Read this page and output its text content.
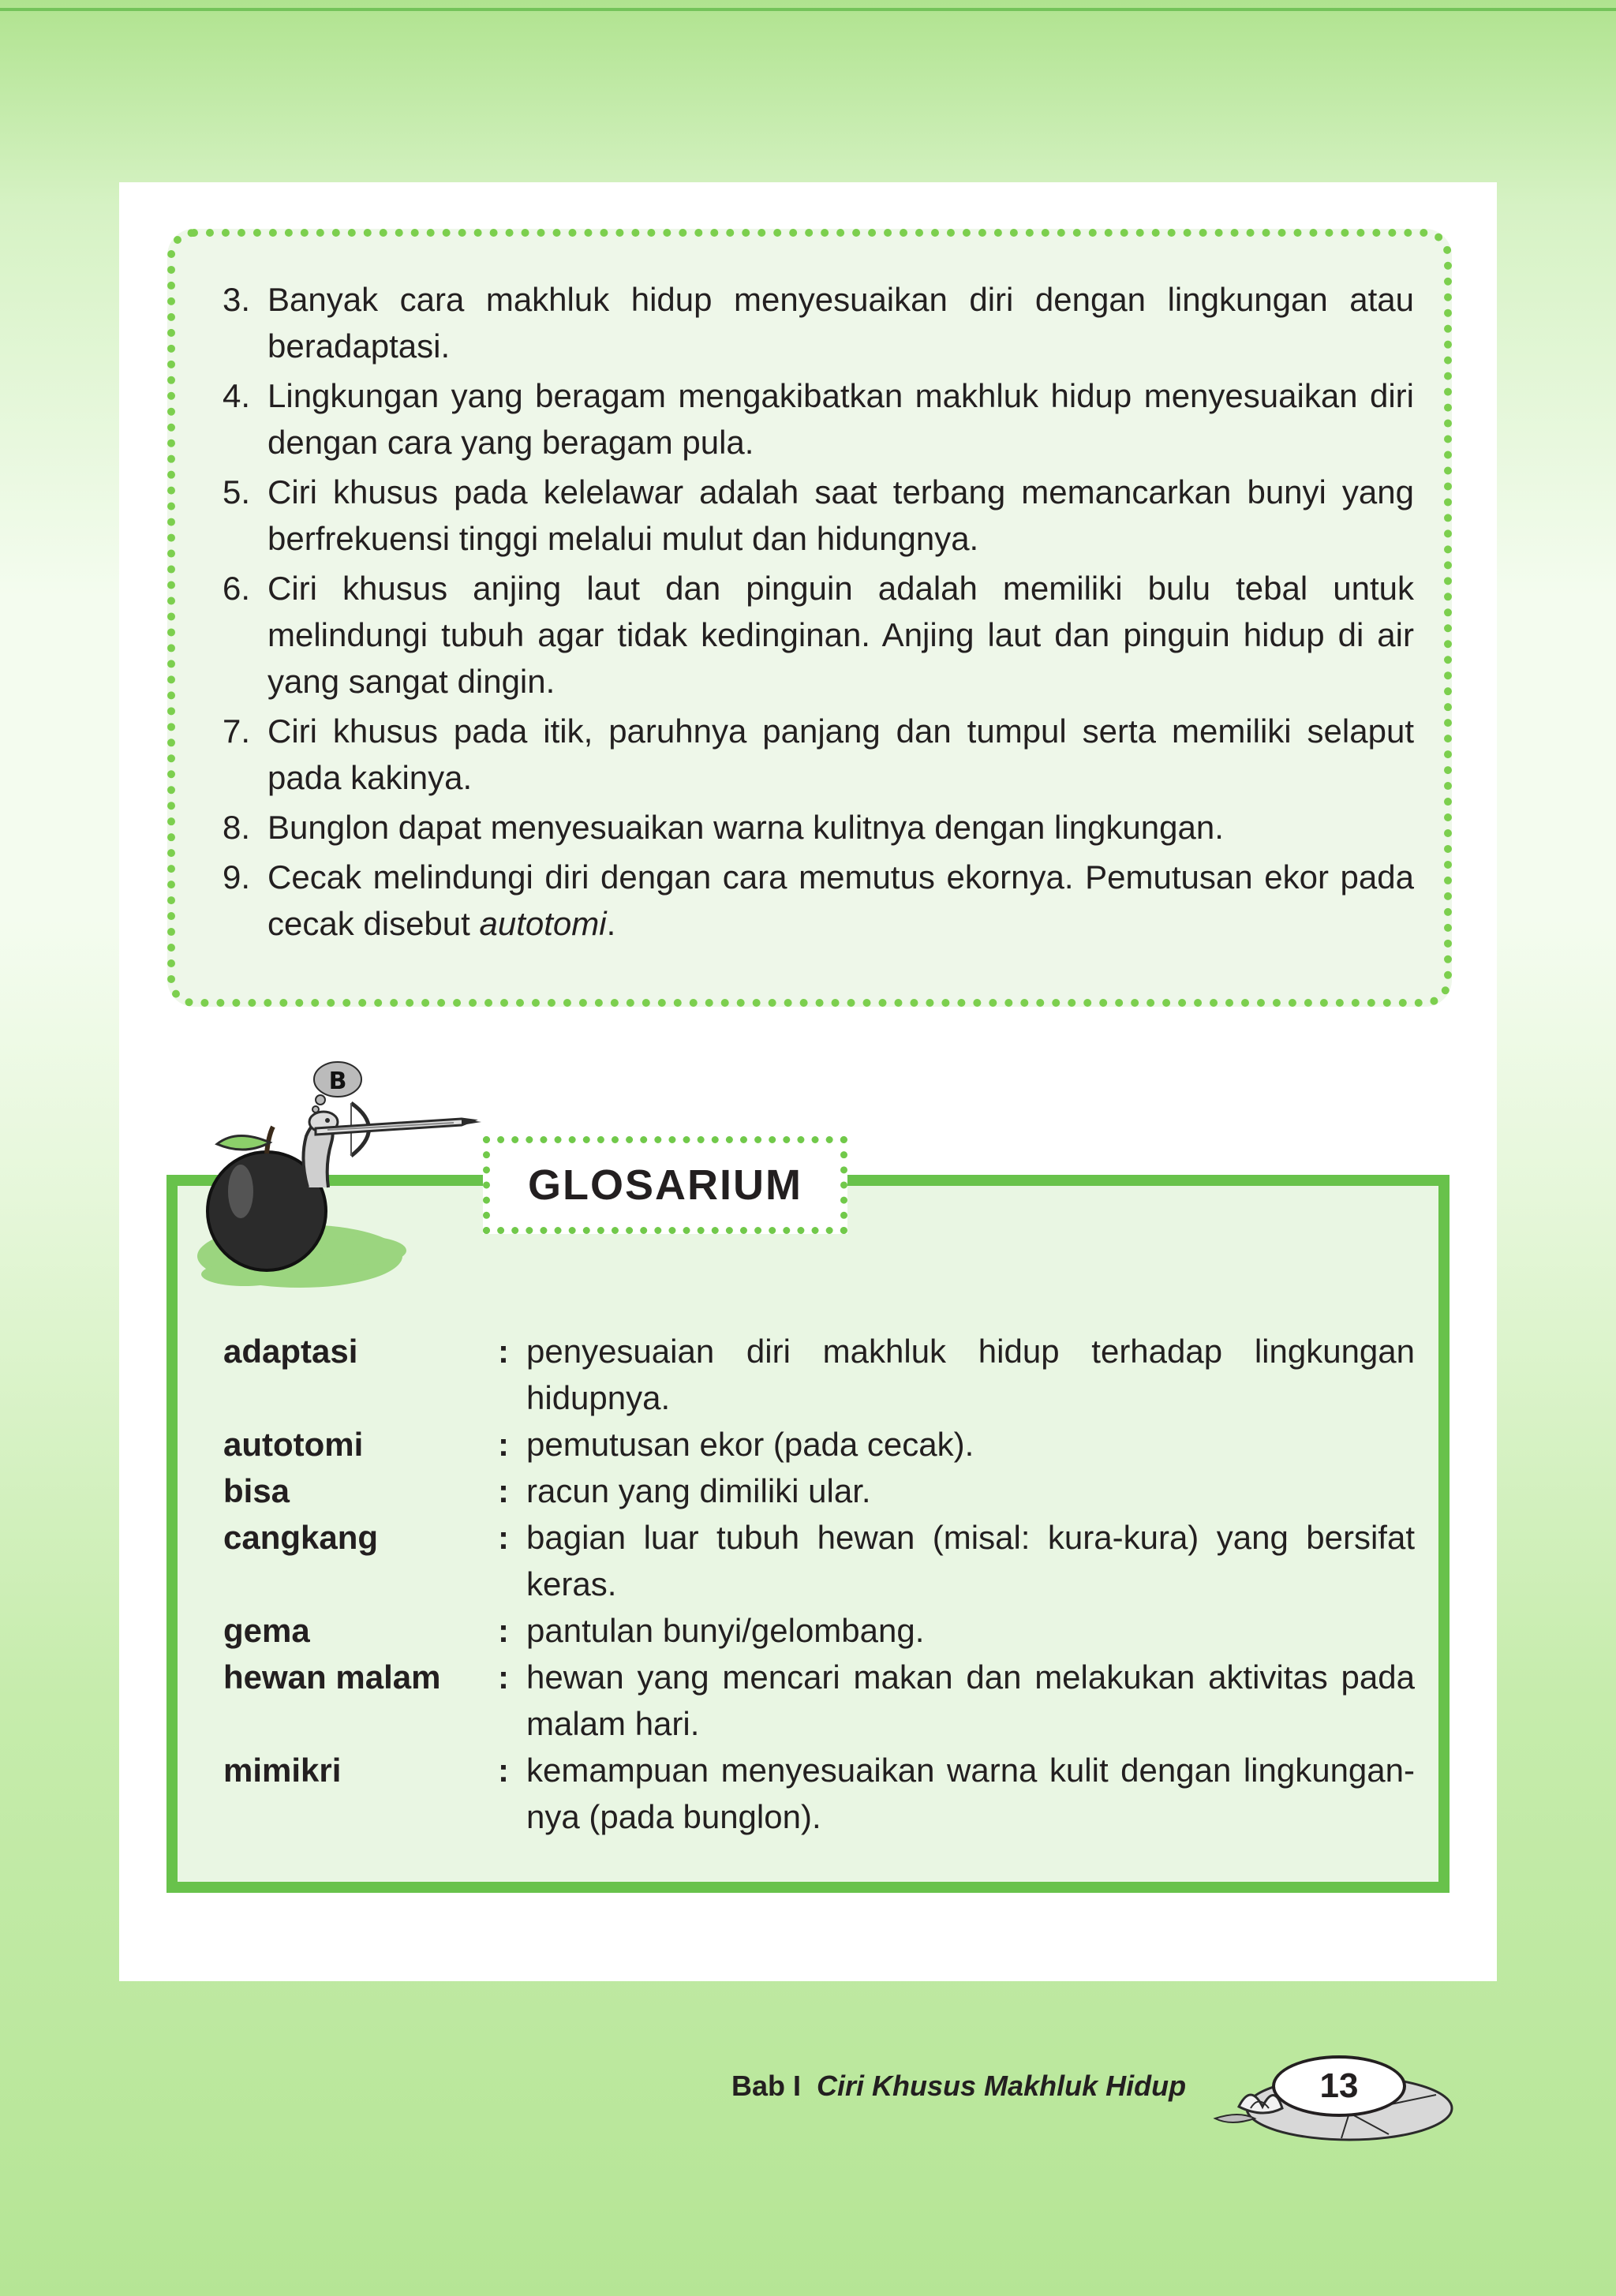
3. Banyak cara makhluk hidup menyesuaikan diri dengan lingkungan atau beradaptasi.
4. Lingkungan yang beragam mengakibatkan makhluk hidup menyesuaikan diri dengan cara yang beragam pula.
5. Ciri khusus pada kelelawar adalah saat terbang memancarkan bunyi yang berfrekuensi tinggi melalui mulut dan hidungnya.
6. Ciri khusus anjing laut dan pinguin adalah memiliki bulu tebal untuk melindungi tubuh agar tidak kedinginan. Anjing laut dan pinguin hidup di air yang sangat dingin.
7. Ciri khusus pada itik, paruhnya panjang dan tumpul serta memiliki selaput pada kakinya.
8. Bunglon dapat menyesuaikan warna kulitnya dengan lingkungan.
9. Cecak melindungi diri dengan cara memutus ekornya. Pemutusan ekor pada cecak disebut autotomi.
adaptasi	: penyesuaian diri makhluk hidup terhadap lingkungan hidupnya.
autotomi	: pemutusan ekor (pada cecak).
bisa	: racun yang dimiliki ular.
cangkang	: bagian luar tubuh hewan (misal: kura-kura) yang bersifat keras.
gema	: pantulan bunyi/gelombang.
hewan malam	: hewan yang mencari makan dan melakukan aktivitas pada malam hari.
mimikri	: kemampuan menyesuaikan warna kulit dengan lingkungan-nya (pada bunglon).
B
GLOSARIUM
Bab I Ciri Khusus Makhluk Hidup	13
